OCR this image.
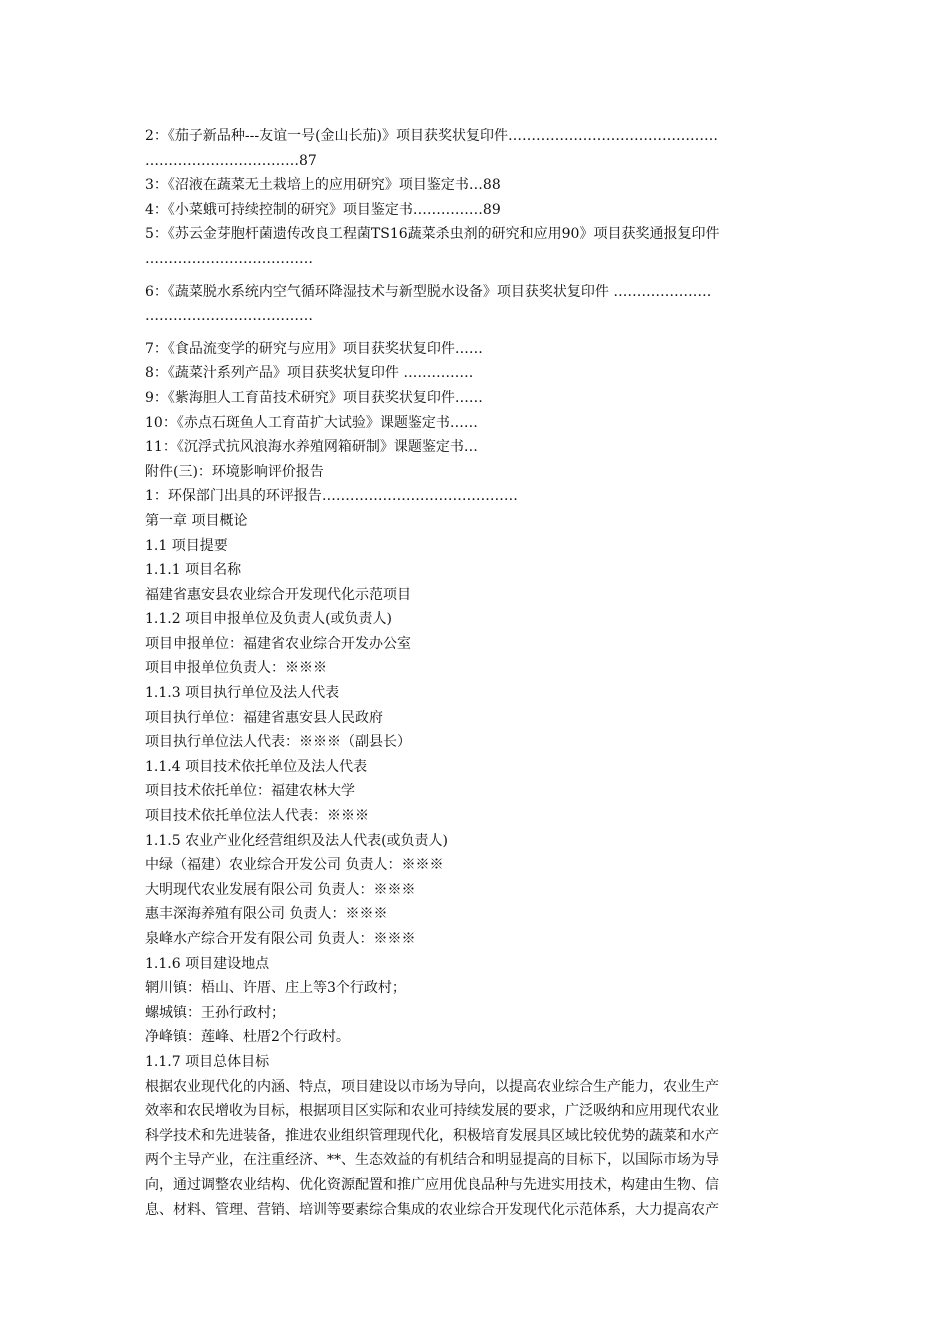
2：《茄子新品种---友谊一号(金山长茄)》项目获奖状复印件………………………………………
……………………………87
3：《沼液在蔬菜无土栽培上的应用研究》项目鉴定书…88
4：《小菜蛾可持续控制的研究》项目鉴定书……………89
5：《苏云金芽胞杆菌遗传改良工程菌TS16蔬菜杀虫剂的研究和应用90》项目获奖通报复印件
………………………………
6：《蔬菜脱水系统内空气循环降湿技术与新型脱水设备》项目获奖状复印件 …………………
………………………………
7：《食品流变学的研究与应用》项目获奖状复印件……
8：《蔬菜汁系列产品》项目获奖状复印件 ……………
9：《紫海胆人工育苗技术研究》项目获奖状复印件……
10：《赤点石斑鱼人工育苗扩大试验》课题鉴定书……
11：《沉浮式抗风浪海水养殖网箱研制》课题鉴定书…
附件(三)：环境影响评价报告
1：环保部门出具的环评报告……………………………………
第一章 项目概论
1.1 项目提要
1.1.1 项目名称
福建省惠安县农业综合开发现代化示范项目
1.1.2 项目申报单位及负责人(或负责人)
项目申报单位：福建省农业综合开发办公室
项目申报单位负责人：※※※
1.1.3 项目执行单位及法人代表
项目执行单位：福建省惠安县人民政府
项目执行单位法人代表：※※※（副县长）
1.1.4 项目技术依托单位及法人代表
项目技术依托单位：福建农林大学
项目技术依托单位法人代表：※※※
1.1.5 农业产业化经营组织及法人代表(或负责人)
中绿（福建）农业综合开发公司 负责人：※※※
大明现代农业发展有限公司 负责人：※※※
惠丰深海养殖有限公司 负责人：※※※
泉峰水产综合开发有限公司 负责人：※※※
1.1.6 项目建设地点
辋川镇：梧山、许厝、庄上等3个行政村；
螺城镇：王孙行政村；
净峰镇：莲峰、杜厝2个行政村。
1.1.7 项目总体目标
根据农业现代化的内涵、特点，项目建设以市场为导向，以提高农业综合生产能力，农业生产
效率和农民增收为目标，根据项目区实际和农业可持续发展的要求，广泛吸纳和应用现代农业
科学技术和先进装备，推进农业组织管理现代化，积极培育发展具区域比较优势的蔬菜和水产
两个主导产业，在注重经济、**、生态效益的有机结合和明显提高的目标下，以国际市场为导
向，通过调整农业结构、优化资源配置和推广应用优良品种与先进实用技术，构建由生物、信
息、材料、管理、营销、培训等要素综合集成的农业综合开发现代化示范体系，大力提高农产
